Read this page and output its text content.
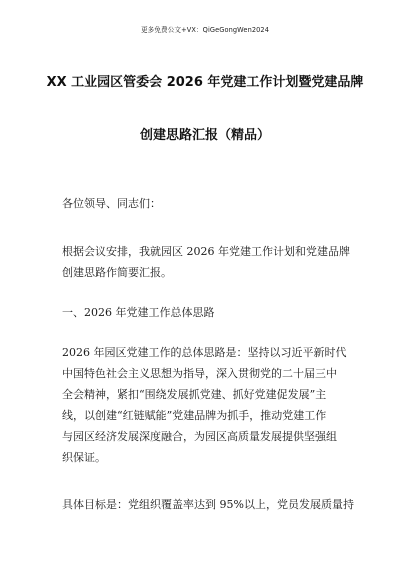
更多免费公文+VX：QiGeGongWen2024
XX 工业园区管委会 2026 年党建工作计划暨党建品牌
创建思路汇报（精品）
各位领导、同志们：
根据会议安排，我就园区 2026 年党建工作计划和党建品牌
创建思路作简要汇报。
一、2026 年党建工作总体思路
2026 年园区党建工作的总体思路是：坚持以习近平新时代
中国特色社会主义思想为指导，深入贯彻党的二十届三中
全会精神，紧扣“围绕发展抓党建、抓好党建促发展”主
线，以创建“红链赋能”党建品牌为抓手，推动党建工作
与园区经济发展深度融合，为园区高质量发展提供坚强组
织保证。
具体目标是：党组织覆盖率达到 95%以上，党员发展质量持
